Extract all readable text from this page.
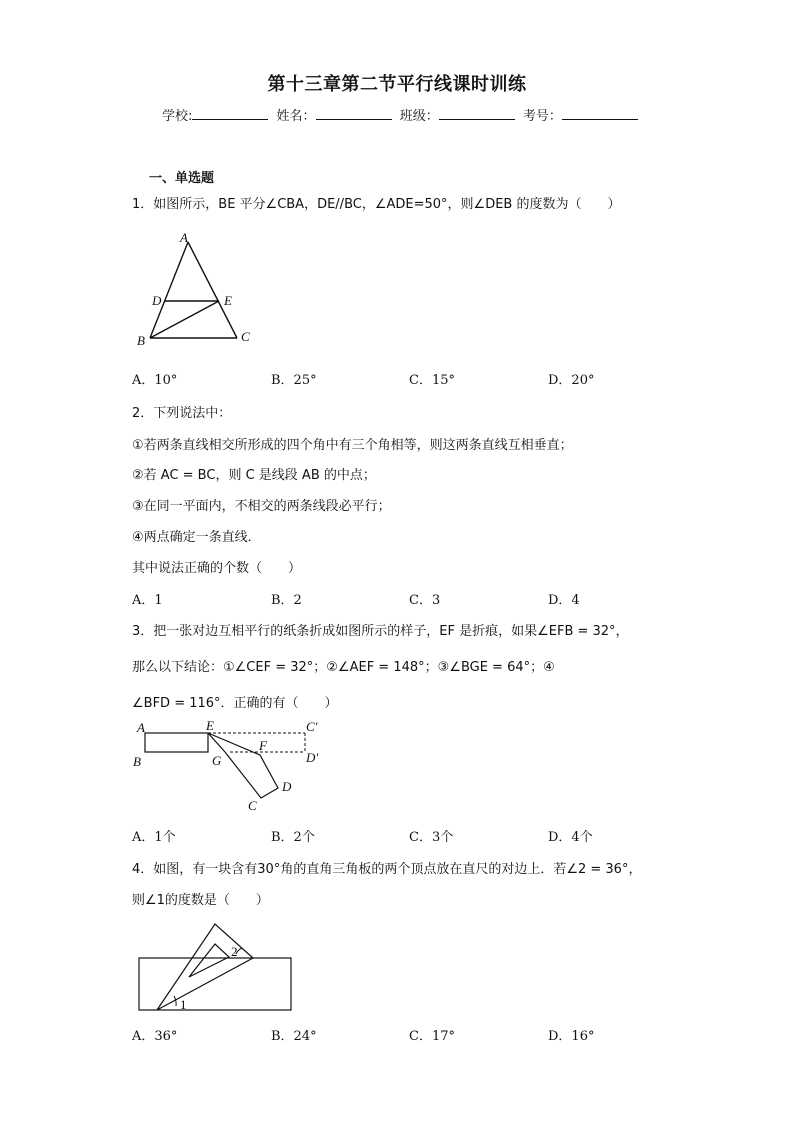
第十三章第二节平行线课时训练
学校:	姓名：	班级：	考号：
一、单选题
1．如图所示，BE 平分∠CBA，DE//BC，∠ADE=50°，则∠DEB 的度数为（　　）
A
D	E
B	C
A．10°	B．25°	C．15°	D．20°
2．下列说法中：
①若两条直线相交所形成的四个角中有三个角相等，则这两条直线互相垂直；
②若 AC = BC，则 C 是线段 AB 的中点；
③在同一平面内，不相交的两条线段必平行；
④两点确定一条直线．
其中说法正确的个数（　　）
A．1	B．2	C．3	D．4
3．把一张对边互相平行的纸条折成如图所示的样子，EF 是折痕，如果∠EFB = 32°，
那么以下结论：①∠CEF = 32°；②∠AEF = 148°；③∠BGE = 64°；④
∠BFD = 116°．正确的有（　　）
A	E	C′
F
D′
B	G
D
C
A．1个	B．2个	C．3个	D．4个
4．如图，有一块含有30°角的直角三角板的两个顶点放在直尺的对边上．若∠2 = 36°，
则∠1的度数是（　　）
2
1
A．36°	B．24°	C．17°	D．16°
